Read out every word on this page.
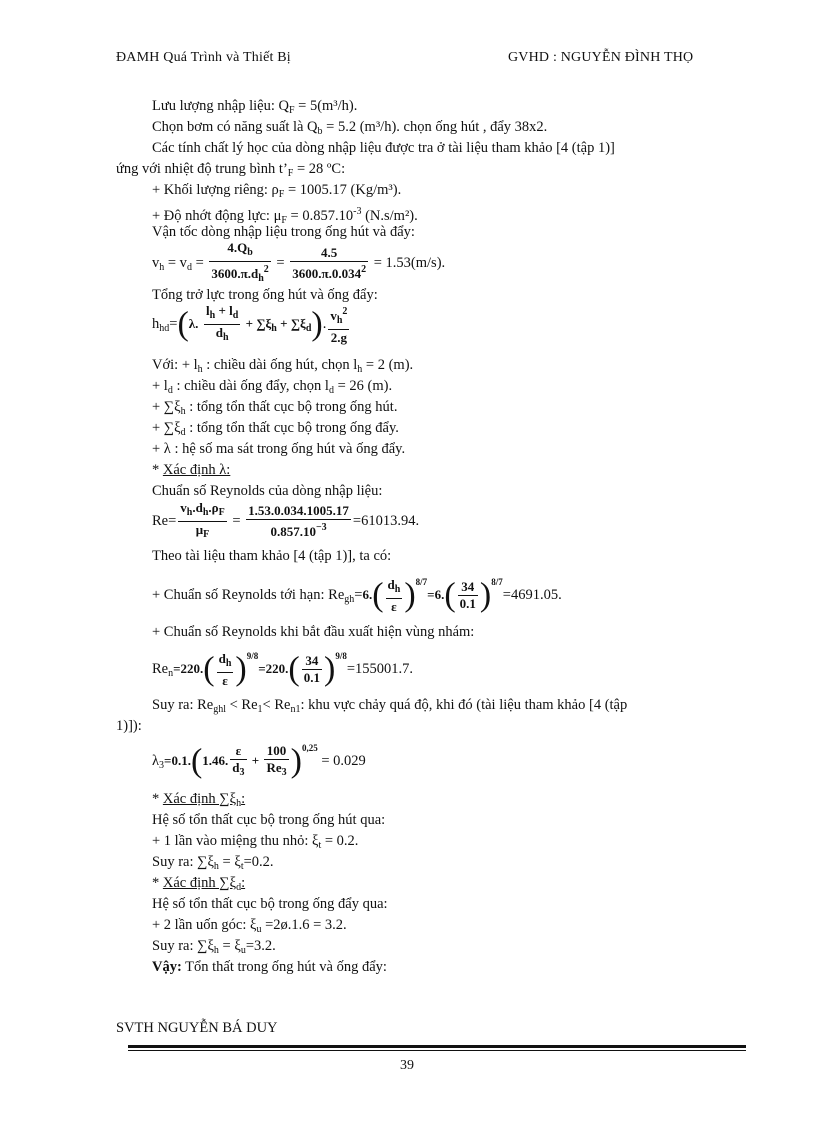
ĐAMH Quá Trình và Thiết Bị	GVHD : NGUYỄN ĐÌNH THỌ
Lưu lượng nhập liệu: $Q_F = 5(m^3/h)$.
Chọn bơm có năng suất là $Q_b = 5.2$ (m³/h). chọn ống hút , đẩy 38x2.
Các tính chất lý học của dòng nhập liệu được tra ở tài liệu tham khảo [4 (tập 1)]
ứng với nhiệt độ trung bình $t’_F = 28$ ºC:
+ Khối lượng riêng: $\rho_F = 1005.17$ (Kg/m³).
+ Độ nhớt động lực: $\mu_F = 0.857.10^{-3}$ (N.s/m²).
Vận tốc dòng nhập liệu trong ống hút và đẩy:
$v_h = v_d = \frac{4.Q_b}{3600.\pi.d_h^2} = \frac{4.5}{3600.\pi.0.034^2} = 1.53(m/s)$.
Tổng trở lực trong ống hút và ống đẩy:
$h_{hd}=(\lambda$. $\frac{l_h + l_d}{d_h} + \sum\xi_h + \sum\xi_d$). $\frac{v_h^2}{2.g}$
Với: + $l_h$ : chiều dài ống hút, chọn $l_h = 2$ (m).
+ $l_d$ : chiều dài ống đẩy, chọn $l_d = 26$ (m).
+ $\sum\xi_h$ : tổng tổn thất cục bộ trong ống hút.
+ $\sum\xi_d$ : tổng tổn thất cục bộ trong ống đẩy.
+ λ : hệ số ma sát trong ống hút và ống đẩy.
* Xác định λ:
Chuẩn số Reynolds của dòng nhập liệu:
$Re= \frac{v_h.d_h.\rho_F}{\mu_F} = \frac{1.53.0.034.1005.17}{0.857.10^{-3}} =61013.94$.
Theo tài liệu tham khảo [4 (tập 1)], ta có:
+ Chuẩn số Reynolds tới hạn: $Re_{gh}=6.( \frac{d_h}{\varepsilon} )^{8/7}=6.( \frac{34}{0.1} )^{8/7}=4691.05$.
+ Chuẩn số Reynolds khi bắt đầu xuất hiện vùng nhám:
$Re_n=220.( \frac{d_h}{\varepsilon} )^{9/8}=220.( \frac{34}{0.1} )^{9/8}=155001.7$.
Suy ra: $Re_{ghl} < Re_1< Re_{n1}$: khu vực chảy quá độ, khi đó (tài liệu tham khảo [4 (tập
1)]):
$\lambda_3=0.1.(1.46$. $\frac{\varepsilon}{d_3} + \frac{100}{Re_3} )^{0,25} = 0.029$
* Xác định $\sum\xi_h$:
Hệ số tổn thất cục bộ trong ống hút qua:
+ 1 lần vào miệng thu nhỏ: $\xi_t = 0.2$.
Suy ra: $\sum\xi_h = \xi_t=0.2$.
* Xác định $\sum\xi_d$:
Hệ số tổn thất cục bộ trong ống đẩy qua:
+ 2 lần uốn góc: $\xi_u$ =2ø.1.6 = 3.2.
Suy ra: $\sum\xi_h = \xi_u=3.2$.
Vậy: Tổn thất trong ống hút và ống đẩy:
SVTH NGUYỄN BÁ DUY
39
